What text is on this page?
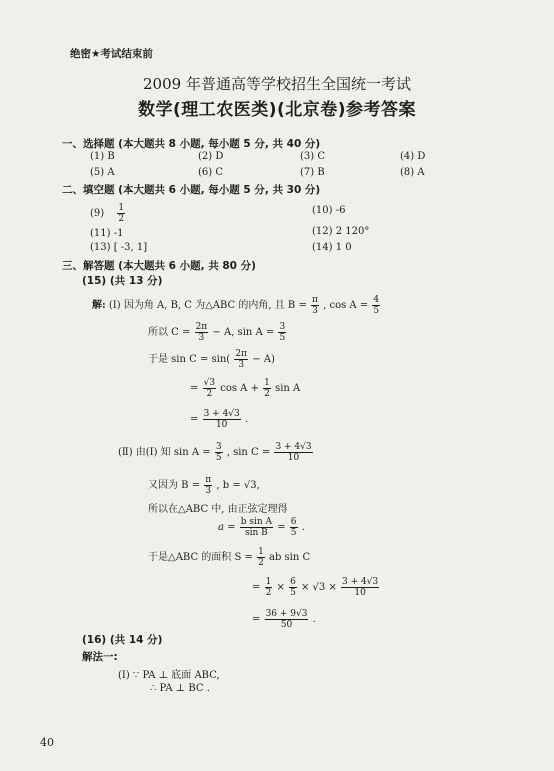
绝密★考试结束前
2009 年普通高等学校招生全国统一考试
数学(理工农医类)(北京卷)参考答案
一、选择题 (本大题共 8 小题, 每小题 5 分, 共 40 分)
(1) B	(2) D	(3) C	(4) D
(5) A	(6) C	(7) B	(8) A
二、填空题 (本大题共 6 小题, 每小题 5 分, 共 30 分)
$(9) \frac{1}{2}$	(10) -6
(11) -1	(12) 2 120°
(13) [ -3, 1]	(14) 1 0
三、解答题 (本大题共 6 小题, 共 80 分)
(15) (共 13 分)
解: (Ⅰ) 因为角 A, B, C 为△ABC 的内角, 且 $B = \frac{\pi}{3}$ , $\cos A = \frac{4}{5}$
所以 $C = \frac{2\pi}{3} - A$, $\sin A = \frac{3}{5}$
于是 $\sin C = \sin( \frac{2\pi}{3} - A)$
= $\frac{√3}{2}$ $\cos A + \frac{1}{2}$ sin A
= $\frac{3 + 4√3}{10}$ .
(Ⅱ) 由(Ⅰ) 知 $\sin A = \frac{3}{5}$ , $\sin C = \frac{3 + 4√3}{10}$
又因为 $B = \frac{\pi}{3}$ , b = √3,
所以在△ABC 中, 由正弦定理得
$a = \frac{\text{b sin A}}{\text{sin B}} = \frac{6}{5}$ .
于是△ABC 的面积 $S = \frac{1}{2}$ ab sin C
= $\frac{1}{2} \times \frac{6}{5} \times √3 \times \frac{3 + 4√3}{10}$
= $\frac{36 + 9√3}{50}$ .
(16) (共 14 分)
解法一:
(Ⅰ) ∵ PA ⊥ 底面 ABC,
∴ PA ⊥ BC .
40
